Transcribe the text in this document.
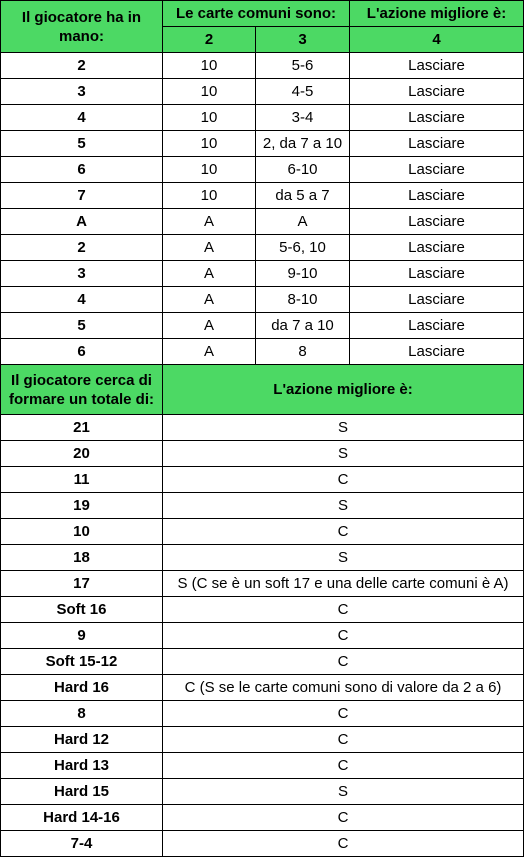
Il giocatore ha in mano:	Le carte comuni sono:		L'azione migliore è:
	2	3	4
2	10	5-6	Lasciare
3	10	4-5	Lasciare
4	10	3-4	Lasciare
5	10	2, da 7 a 10	Lasciare
6	10	6-10	Lasciare
7	10	da 5 a 7	Lasciare
A	A	A	Lasciare
2	A	5-6, 10	Lasciare
3	A	9-10	Lasciare
4	A	8-10	Lasciare
5	A	da 7 a 10	Lasciare
6	A	8	Lasciare
Il giocatore cerca di formare un totale di:	L'azione migliore è:		
21	S		
20	S		
11	C		
19	S		
10	C		
18	S		
17	S (C se è un soft 17 e una delle carte comuni è A)		
Soft 16	C		
9	C		
Soft 15-12	C		
Hard 16	C (S se le carte comuni sono di valore da 2 a 6)		
8	C		
Hard 12	C		
Hard 13	C		
Hard 15	S		
Hard 14-16	C		
7-4	C		
